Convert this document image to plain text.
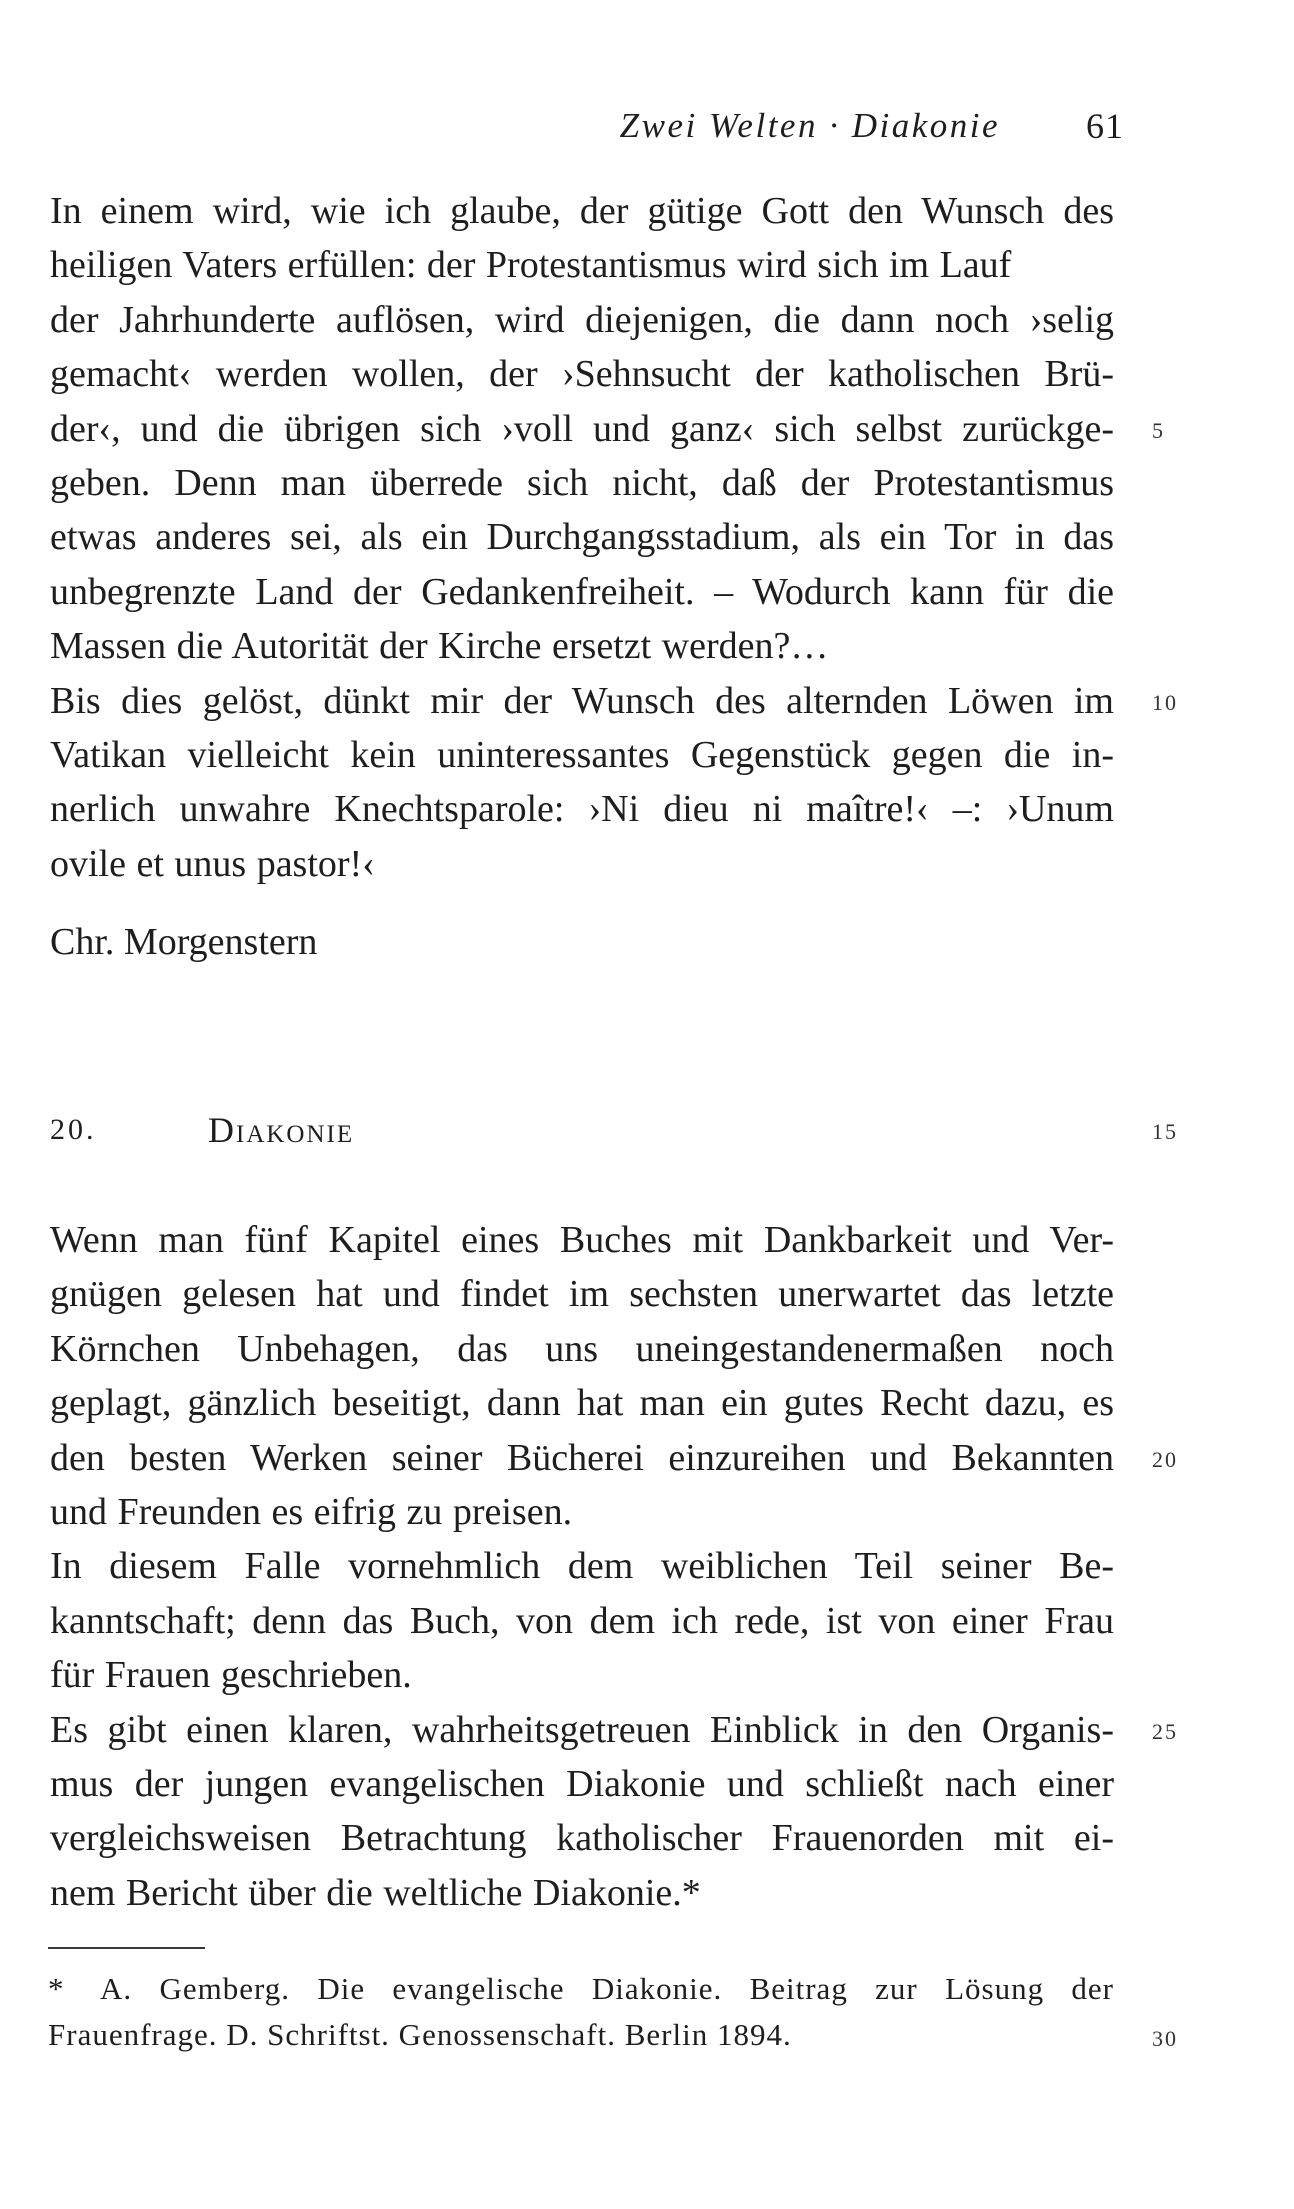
Zwei Welten · Diakonie 61
In einem wird, wie ich glaube, der gütige Gott den Wunsch des
heiligen Vaters erfüllen: der Protestantismus wird sich im Lauf
der Jahrhunderte auflösen, wird diejenigen, die dann noch ›selig
gemacht‹ werden wollen, der ›Sehnsucht der katholischen Brü-
der‹, und die übrigen sich ›voll und ganz‹ sich selbst zurückge- 5
geben. Denn man überrede sich nicht, daß der Protestantismus
etwas anderes sei, als ein Durchgangsstadium, als ein Tor in das
unbegrenzte Land der Gedankenfreiheit. – Wodurch kann für die
Massen die Autorität der Kirche ersetzt werden?…
Bis dies gelöst, dünkt mir der Wunsch des alternden Löwen im 10
Vatikan vielleicht kein uninteressantes Gegenstück gegen die in-
nerlich unwahre Knechtsparole: ›Ni dieu ni maître!‹ –: ›Unum
ovile et unus pastor!‹
Chr. Morgenstern
20.	Diakonie	15
Wenn man fünf Kapitel eines Buches mit Dankbarkeit und Ver-
gnügen gelesen hat und findet im sechsten unerwartet das letzte
Körnchen Unbehagen, das uns uneingestandenermaßen noch
geplagt, gänzlich beseitigt, dann hat man ein gutes Recht dazu, es
den besten Werken seiner Bücherei einzureihen und Bekannten 20
und Freunden es eifrig zu preisen.
In diesem Falle vornehmlich dem weiblichen Teil seiner Be-
kanntschaft; denn das Buch, von dem ich rede, ist von einer Frau
für Frauen geschrieben.
Es gibt einen klaren, wahrheitsgetreuen Einblick in den Organis- 25
mus der jungen evangelischen Diakonie und schließt nach einer
vergleichsweisen Betrachtung katholischer Frauenorden mit ei-
nem Bericht über die weltliche Diakonie.*
* A. Gemberg. Die evangelische Diakonie. Beitrag zur Lösung der
Frauenfrage. D. Schriftst. Genossenschaft. Berlin 1894.	30
